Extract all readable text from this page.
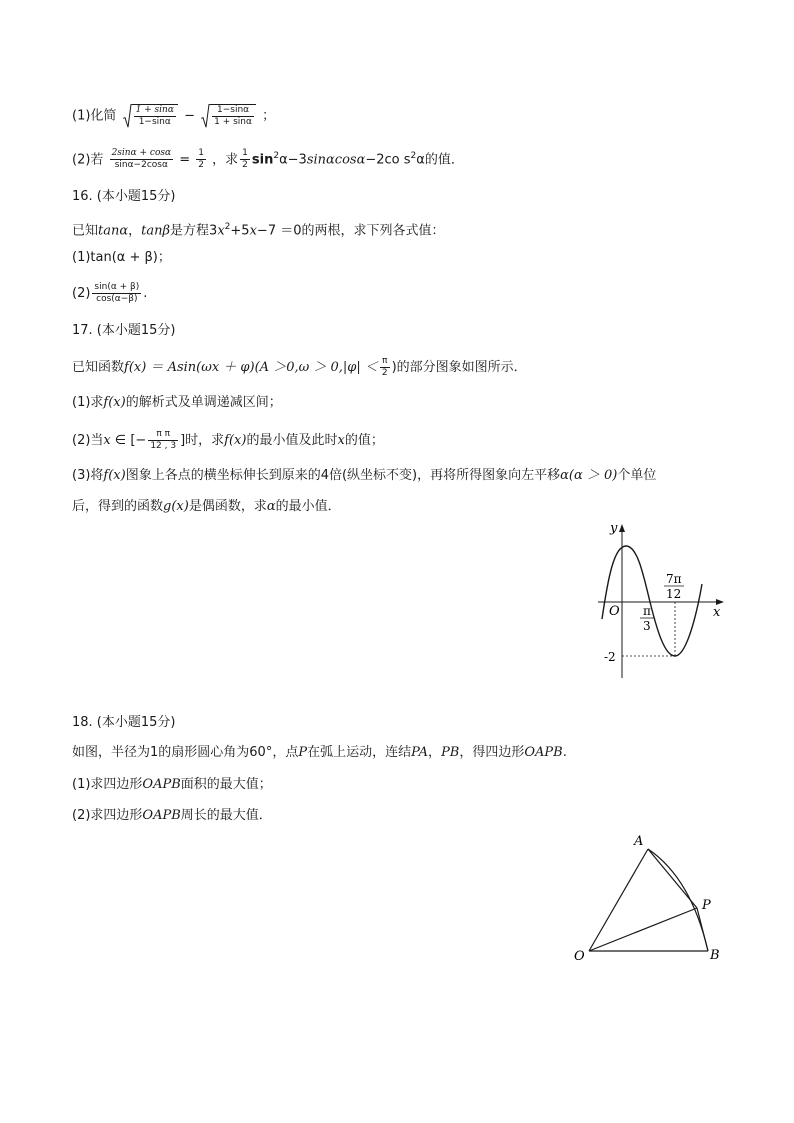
(1)化简 $\frac{1 + \sin\alpha}{1-\sin\alpha} - \frac{1-\sin\alpha}{1 + \sin\alpha}$ ；
(2)若 $\frac{2\sin\alpha + \cos\alpha}{\sin\alpha-2\cos\alpha} = \frac{1}{2}$ ，求 $\frac{1}{2} \sin^2\alpha-3\sin\alpha\cos\alpha-2co$ $s^2\alpha$的值．
16. (本小题15分)
已知tanα，tanβ是方程$3x^2+5x-7 =0$的两根，求下列各式值：
(1)tan(α + β)；
$(2) \frac{\sin(\alpha + \beta)}{\cos(\alpha-\beta)}$ .
17. (本小题15分)
已知函数$f(x) = Asin(\omega x + \varphi)(A >0,\omega > 0,|\varphi| < \frac{\pi}{2}$ )的部分图象如图所示．
(1)求f(x)的解析式及单调递减区间；
(2)当x ∈ [− $\frac{\text{π π}}{12 , 3}$ ]时，求f(x)的最小值及此时x的值；
(3)将f(x)图象上各点的横坐标伸长到原来的4倍(纵坐标不变)，再将所得图象向左平移α(α ＞ 0)个单位
后，得到的函数g(x)是偶函数，求α的最小值．
y
x
O π
3
7π
12
-2
18. (本小题15分)
如图，半径为1的扇形圆心角为60°，点P在弧上运动，连结PA，PB，得四边形OAPB.
(1)求四边形OAPB面积的最大值；
(2)求四边形OAPB周长的最大值．
A
P
O	B
